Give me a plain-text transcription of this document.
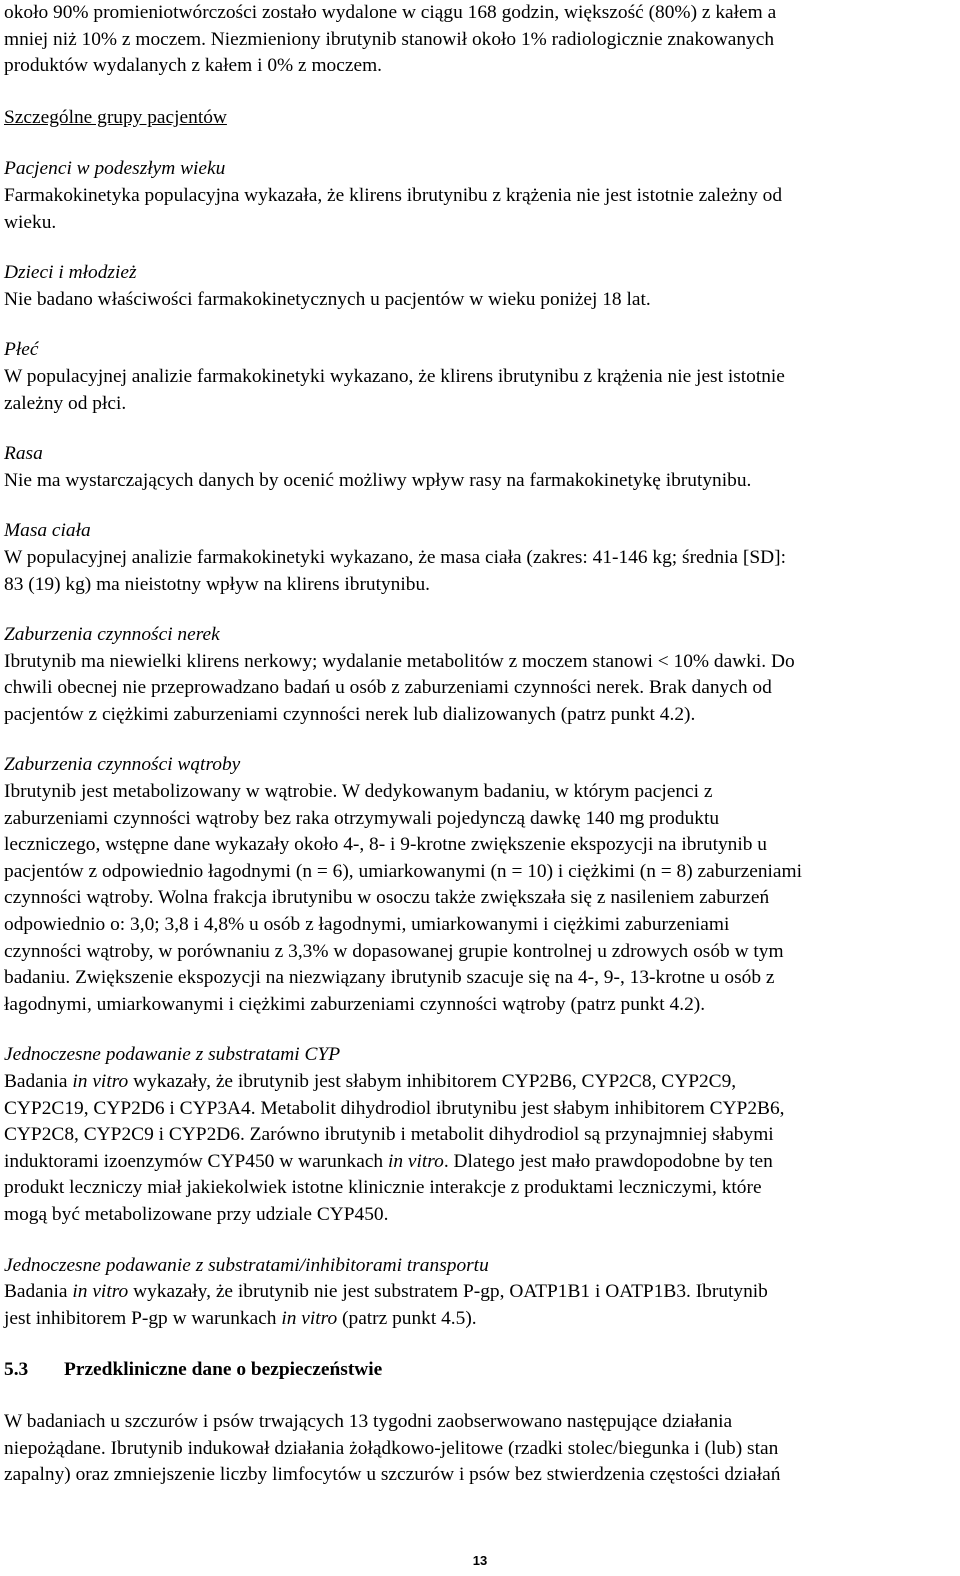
około 90% promieniotwórczości zostało wydalone w ciągu 168 godzin, większość (80%) z kałem a

mniej niż 10% z moczem. Niezmieniony ibrutynib stanowił około 1% radiologicznie znakowanych

produktów wydalanych z kałem i 0% z moczem.

Szczególne grupy pacjentów

Pacjenci w podeszłym wieku

Farmakokinetyka populacyjna wykazała, że klirens ibrutynibu z krążenia nie jest istotnie zależny od

wieku.

Dzieci i młodzież

Nie badano właściwości farmakokinetycznych u pacjentów w wieku poniżej 18 lat.

Płeć

W populacyjnej analizie farmakokinetyki wykazano, że klirens ibrutynibu z krążenia nie jest istotnie

zależny od płci.

Rasa

Nie ma wystarczających danych by ocenić możliwy wpływ rasy na farmakokinetykę ibrutynibu.

Masa ciała

W populacyjnej analizie farmakokinetyki wykazano, że masa ciała (zakres: 41-146 kg; średnia [SD]:

83 (19) kg) ma nieistotny wpływ na klirens ibrutynibu.

Zaburzenia czynności nerek

Ibrutynib ma niewielki klirens nerkowy; wydalanie metabolitów z moczem stanowi < 10% dawki. Do

chwili obecnej nie przeprowadzano badań u osób z zaburzeniami czynności nerek. Brak danych od

pacjentów z ciężkimi zaburzeniami czynności nerek lub dializowanych (patrz punkt 4.2).

Zaburzenia czynności wątroby

Ibrutynib jest metabolizowany w wątrobie. W dedykowanym badaniu, w którym pacjenci z

zaburzeniami czynności wątroby bez raka otrzymywali pojedynczą dawkę 140 mg produktu

leczniczego, wstępne dane wykazały około 4-, 8- i 9-krotne zwiększenie ekspozycji na ibrutynib u

pacjentów z odpowiednio łagodnymi (n = 6), umiarkowanymi (n = 10) i ciężkimi (n = 8) zaburzeniami

czynności wątroby. Wolna frakcja ibrutynibu w osoczu także zwiększała się z nasileniem zaburzeń

odpowiednio o: 3,0; 3,8 i 4,8% u osób z łagodnymi, umiarkowanymi i ciężkimi zaburzeniami

czynności wątroby, w porównaniu z 3,3% w dopasowanej grupie kontrolnej u zdrowych osób w tym

badaniu. Zwiększenie ekspozycji na niezwiązany ibrutynib szacuje się na 4-, 9-, 13-krotne u osób z

łagodnymi, umiarkowanymi i ciężkimi zaburzeniami czynności wątroby (patrz punkt 4.2).

Jednoczesne podawanie z substratami CYP

Badania in vitro wykazały, że ibrutynib jest słabym inhibitorem CYP2B6, CYP2C8, CYP2C9,

CYP2C19, CYP2D6 i CYP3A4. Metabolit dihydrodiol ibrutynibu jest słabym inhibitorem CYP2B6,

CYP2C8, CYP2C9 i CYP2D6. Zarówno ibrutynib i metabolit dihydrodiol są przynajmniej słabymi

induktorami izoenzymów CYP450 w warunkach in vitro. Dlatego jest mało prawdopodobne by ten

produkt leczniczy miał jakiekolwiek istotne klinicznie interakcje z produktami leczniczymi, które

mogą być metabolizowane przy udziale CYP450.

Jednoczesne podawanie z substratami/inhibitorami transportu

Badania in vitro wykazały, że ibrutynib nie jest substratem P-gp, OATP1B1 i OATP1B3. Ibrutynib

jest inhibitorem P-gp w warunkach in vitro (patrz punkt 4.5).

5.3	Przedkliniczne dane o bezpieczeństwie

W badaniach u szczurów i psów trwających 13 tygodni zaobserwowano następujące działania

niepożądane. Ibrutynib indukował działania żołądkowo-jelitowe (rzadki stolec/biegunka i (lub) stan

zapalny) oraz zmniejszenie liczby limfocytów u szczurów i psów bez stwierdzenia częstości działań

13
